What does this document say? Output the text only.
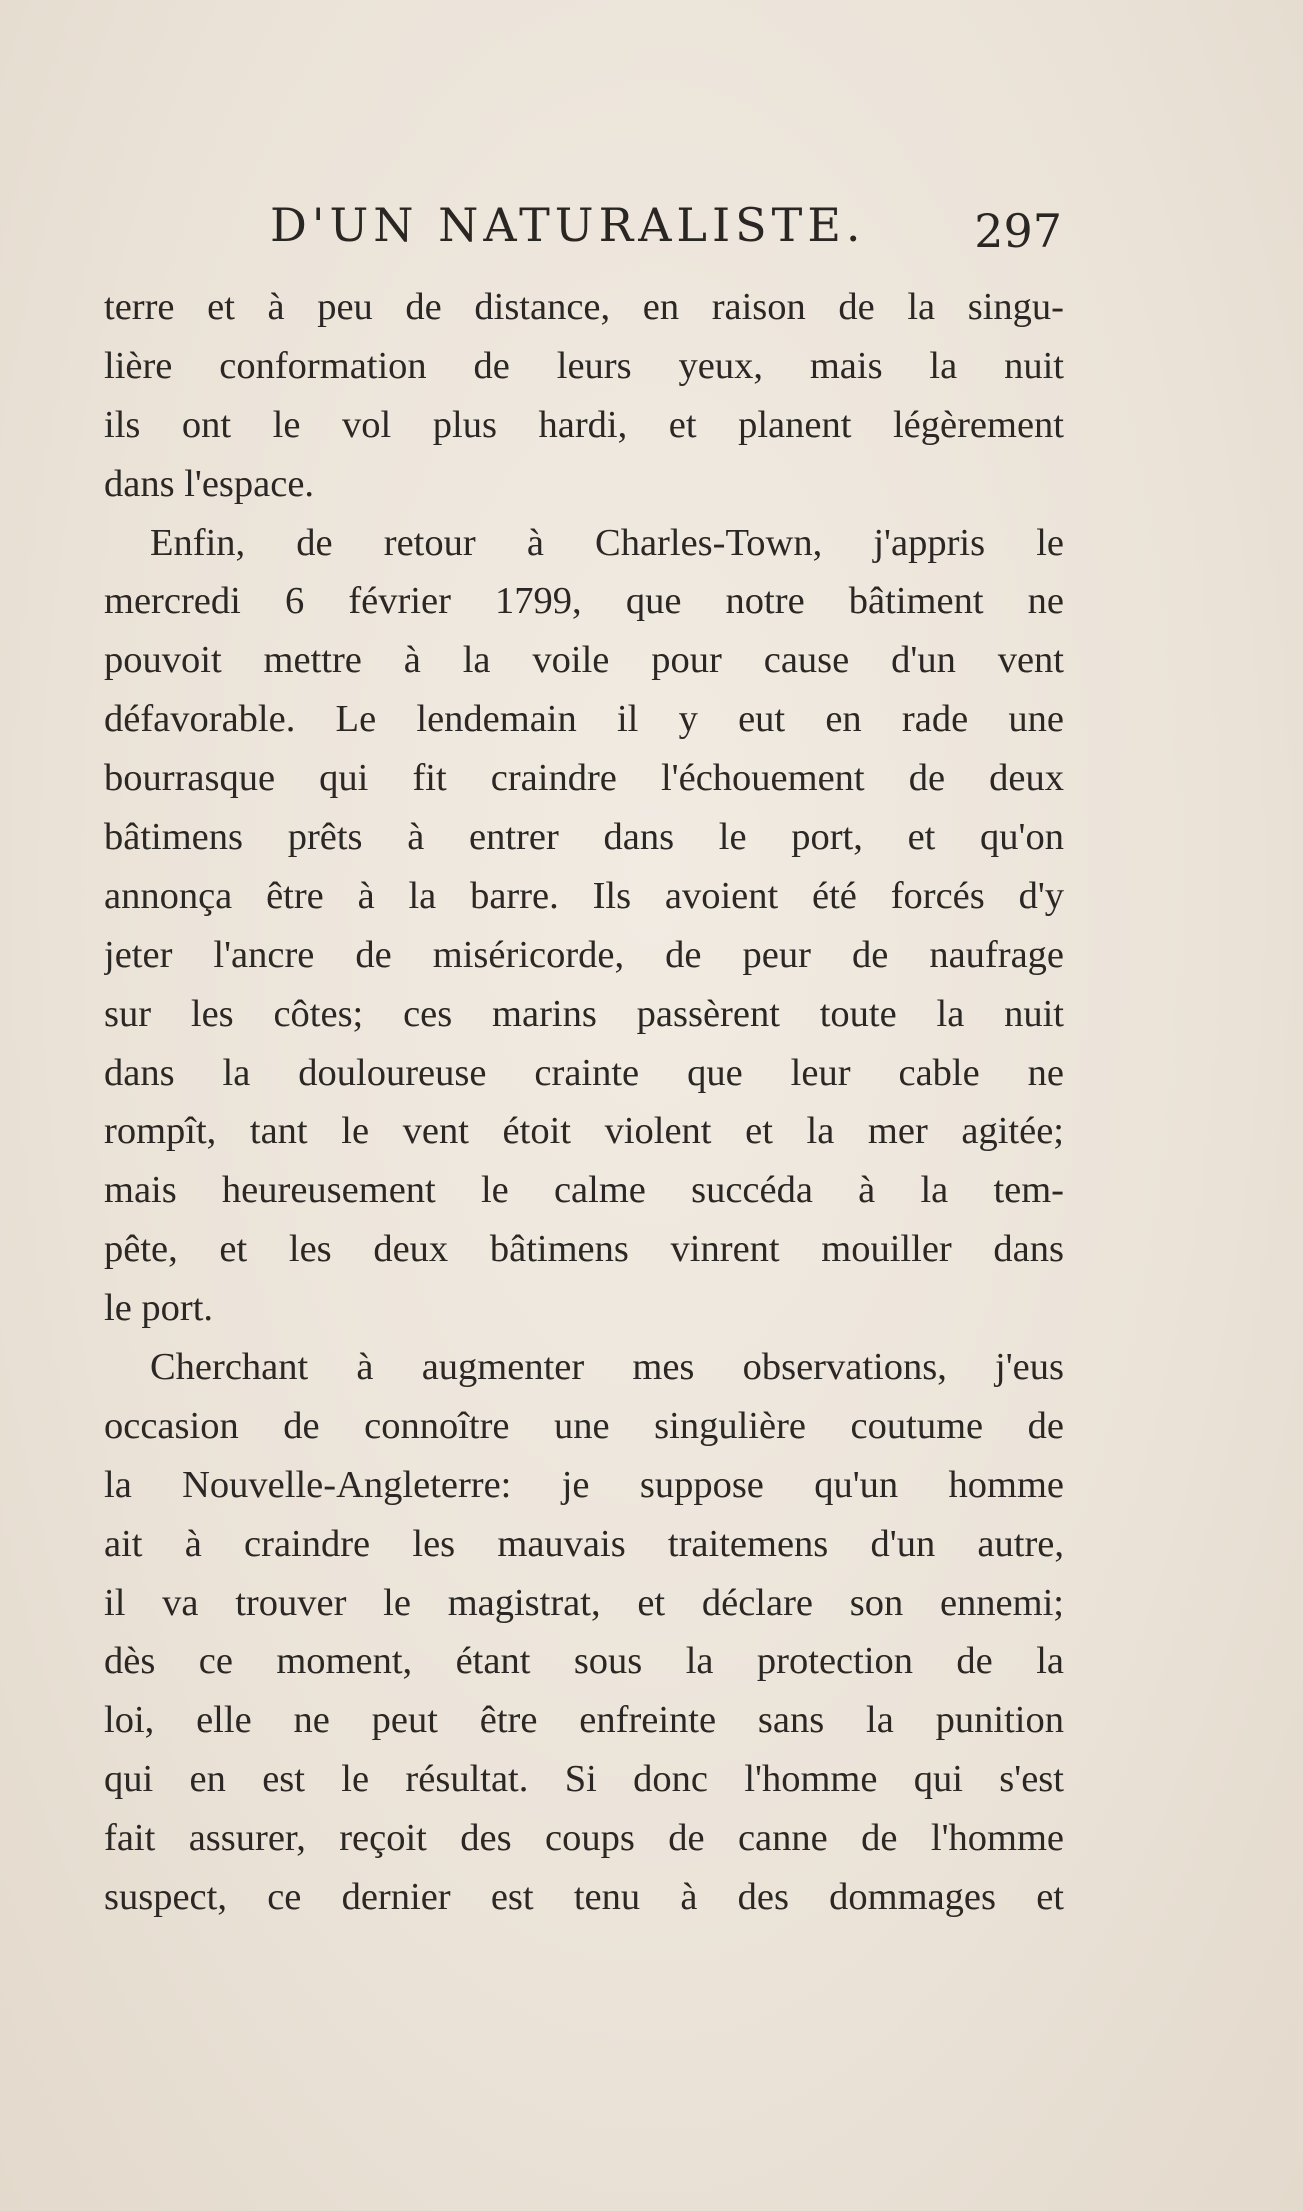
D'UN NATURALISTE. 297
terre et à peu de distance, en raison de la singu-
lière conformation de leurs yeux, mais la nuit
ils ont le vol plus hardi, et planent légèrement
dans l'espace.
Enfin, de retour à Charles-Town, j'appris le
mercredi 6 février 1799, que notre bâtiment ne
pouvoit mettre à la voile pour cause d'un vent
défavorable. Le lendemain il y eut en rade une
bourrasque qui fit craindre l'échouement de deux
bâtimens prêts à entrer dans le port, et qu'on
annonça être à la barre. Ils avoient été forcés d'y
jeter l'ancre de miséricorde, de peur de naufrage
sur les côtes; ces marins passèrent toute la nuit
dans la douloureuse crainte que leur cable ne
rompît, tant le vent étoit violent et la mer agitée;
mais heureusement le calme succéda à la tem-
pête, et les deux bâtimens vinrent mouiller dans
le port.
Cherchant à augmenter mes observations, j'eus
occasion de connoître une singulière coutume de
la Nouvelle-Angleterre: je suppose qu'un homme
ait à craindre les mauvais traitemens d'un autre,
il va trouver le magistrat, et déclare son ennemi;
dès ce moment, étant sous la protection de la
loi, elle ne peut être enfreinte sans la punition
qui en est le résultat. Si donc l'homme qui s'est
fait assurer, reçoit des coups de canne de l'homme
suspect, ce dernier est tenu à des dommages et
